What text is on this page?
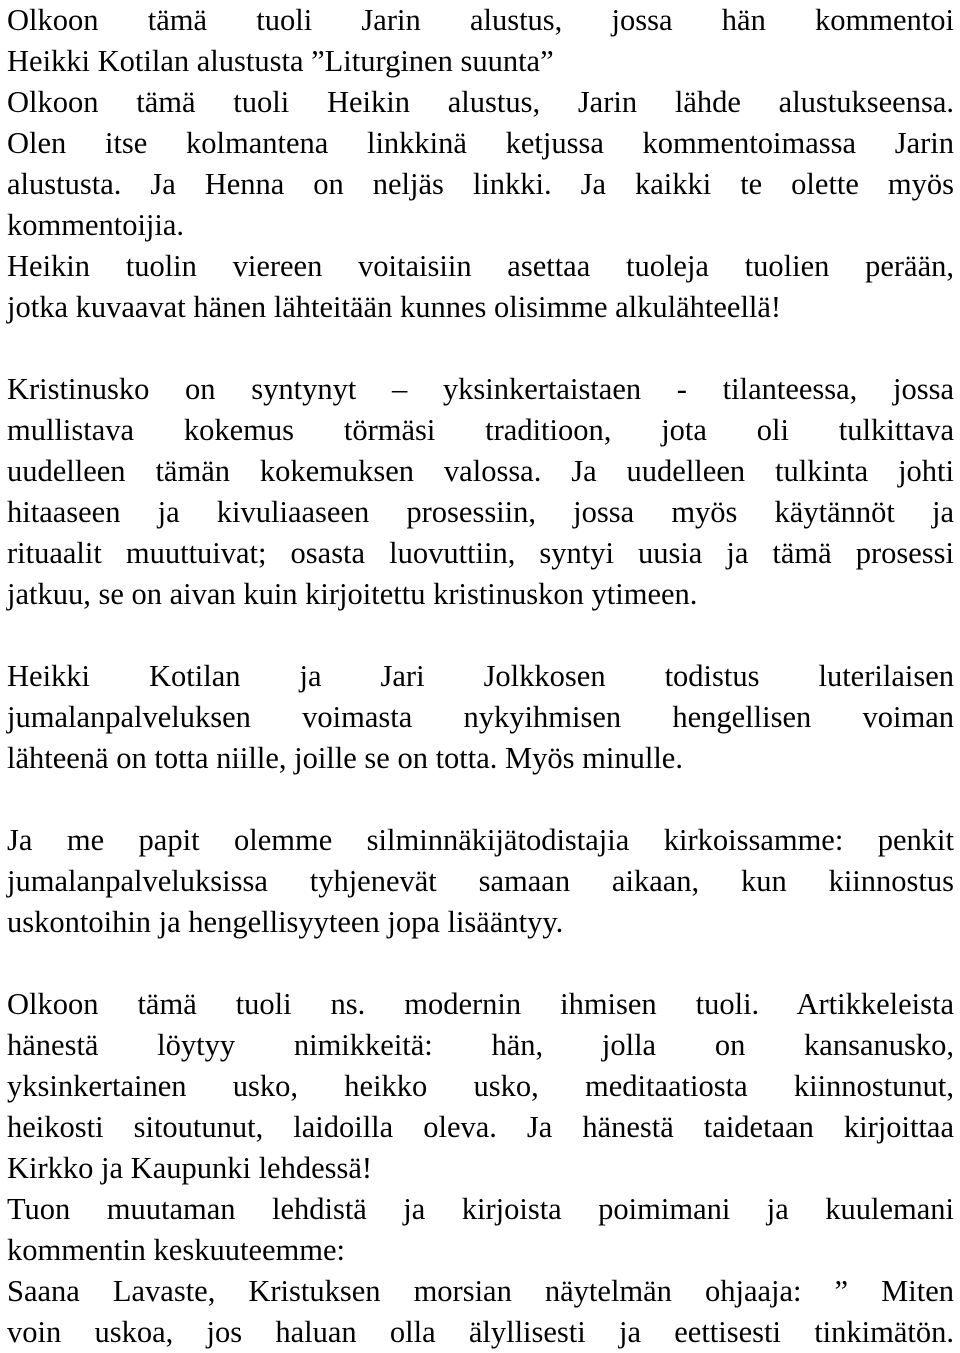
Olkoon tämä tuoli Jarin alustus, jossa hän kommentoi
Heikki Kotilan alustusta ”Liturginen suunta”
Olkoon tämä tuoli Heikin alustus, Jarin lähde alustukseensa.
Olen itse kolmantena linkkinä ketjussa kommentoimassa Jarin
alustusta. Ja Henna on neljäs linkki. Ja kaikki te olette myös
kommentoijia.
Heikin tuolin viereen voitaisiin asettaa tuoleja tuolien perään,
jotka kuvaavat hänen lähteitään kunnes olisimme alkulähteellä!
Kristinusko on syntynyt – yksinkertaistaen - tilanteessa, jossa
mullistava kokemus törmäsi traditioon, jota oli tulkittava
uudelleen tämän kokemuksen valossa. Ja uudelleen tulkinta johti
hitaaseen ja kivuliaaseen prosessiin, jossa myös käytännöt ja
rituaalit muuttuivat; osasta luovuttiin, syntyi uusia ja tämä prosessi
jatkuu, se on aivan kuin kirjoitettu kristinuskon ytimeen.
Heikki Kotilan ja Jari Jolkkosen todistus luterilaisen
jumalanpalveluksen voimasta nykyihmisen hengellisen voiman
lähteenä on totta niille, joille se on totta. Myös minulle.
Ja me papit olemme silminnäkijätodistajia kirkoissamme: penkit
jumalanpalveluksissa tyhjenevät samaan aikaan, kun kiinnostus
uskontoihin ja hengellisyyteen jopa lisääntyy.
Olkoon tämä tuoli ns. modernin ihmisen tuoli. Artikkeleista
hänestä löytyy nimikkeitä: hän, jolla on kansanusko,
yksinkertainen usko, heikko usko, meditaatiosta kiinnostunut,
heikosti sitoutunut, laidoilla oleva. Ja hänestä taidetaan kirjoittaa
Kirkko ja Kaupunki lehdessä!
Tuon muutaman lehdistä ja kirjoista poimimani ja kuulemani
kommentin keskuuteemme:
Saana Lavaste, Kristuksen morsian näytelmän ohjaaja: ” Miten
voin uskoa, jos haluan olla älyllisesti ja eettisesti tinkimätön.
